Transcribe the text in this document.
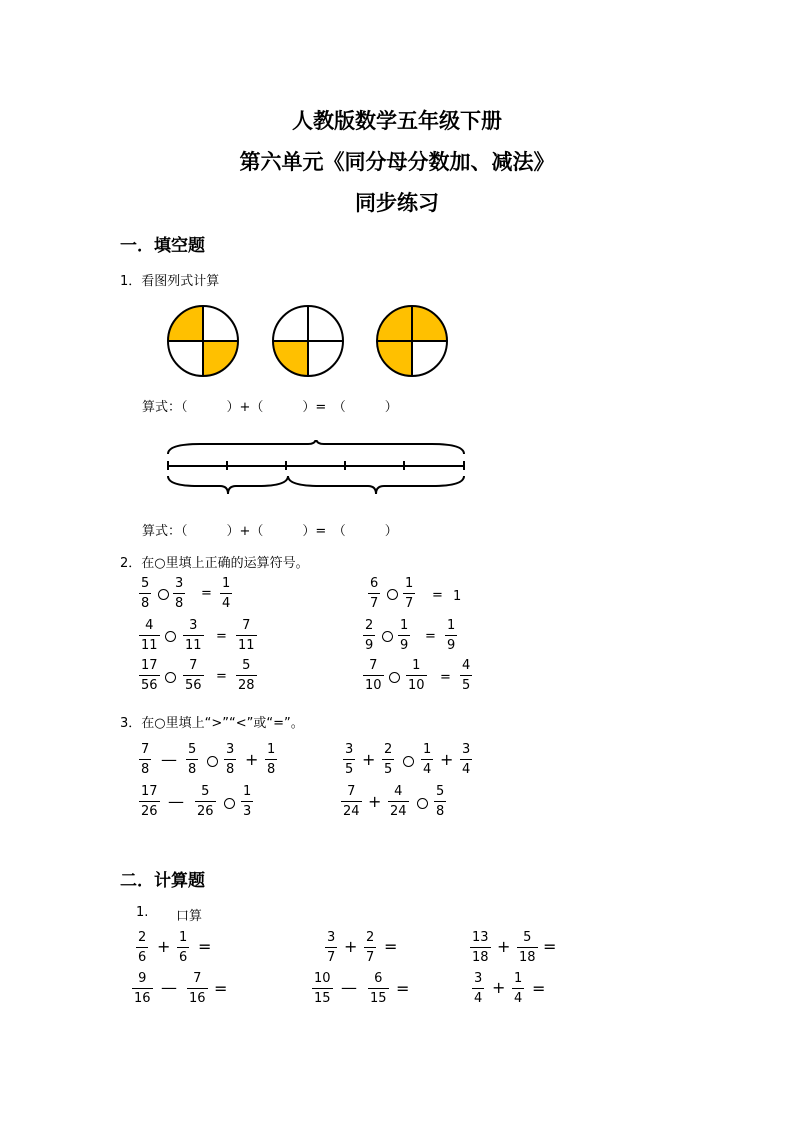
人教版数学五年级下册
第六单元《同分母分数加、减法》
同步练习
一．填空题
1．看图列式计算
算式：（　　　）+（　　　）=　（　　　）
算式：（　　　）+（　　　）=　（　　　）
2．在○里填上正确的运算符号。
5
8
3
8
=
1
4
6
7
1
7
= 1
4
11
3
11
=
7
11
2
9
1
9
=
1
9
17
56
7
56
=
5
28
7
10
1
10
=
4
5
3．在○里填上“>”“<”或“=”。
7
8
—
5
8
3
8
+
1
8
3
5
+
2
5
1
4
+
3
4
17
26
—
5
26
1
3
7
24
+
4
24
5
8
二．计算题
1. 口算
2
6
+ 1
6
=	3
7
+ 2
7
=	13
18
+ 5
18
=
9
16
— 7
16
=
10
15
— 6
15
=
3
4
+ 1
4
=
